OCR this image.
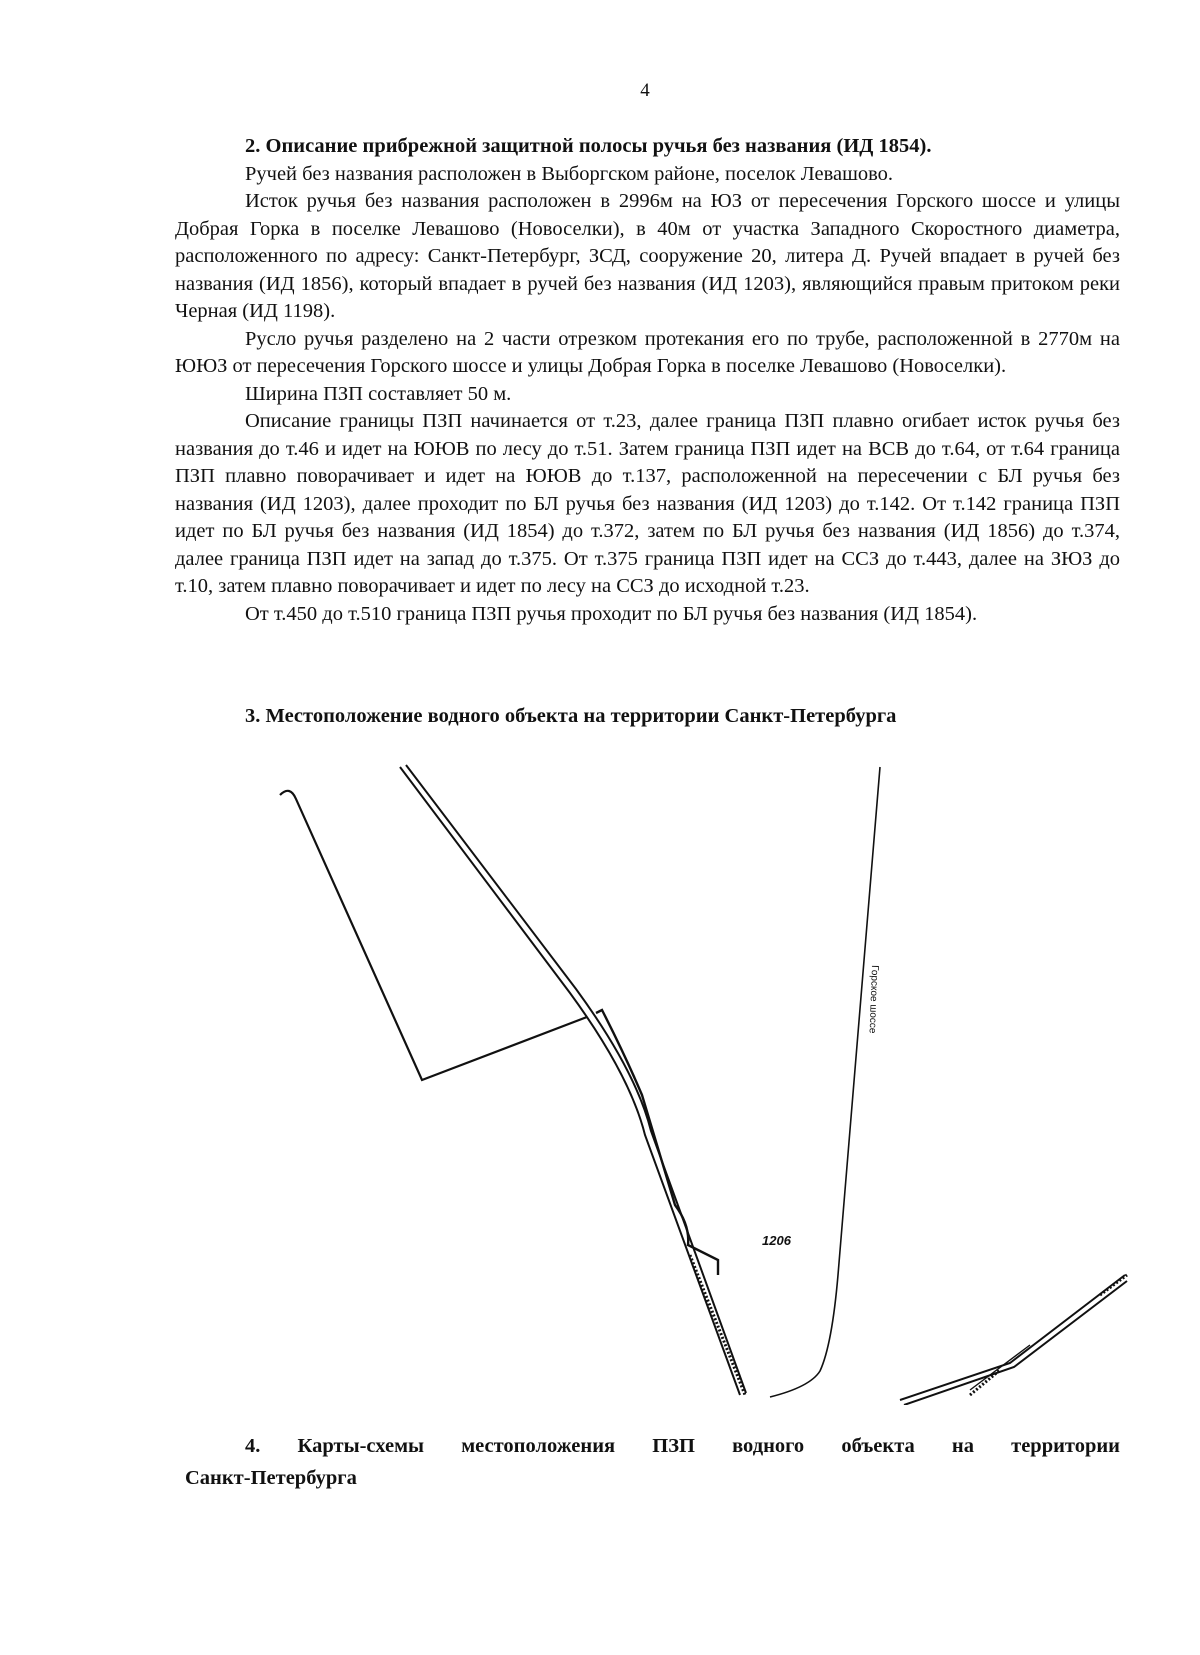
4

2. Описание прибрежной защитной полосы ручья без названия (ИД 1854).

Ручей без названия расположен в Выборгском районе, поселок Левашово.

Исток ручья без названия расположен в 2996м на ЮЗ от пересечения Горского шоссе и улицы Добрая Горка в поселке Левашово (Новоселки), в 40м от участка Западного Скоростного диаметра, расположенного по адресу: Санкт-Петербург, ЗСД, сооружение 20, литера Д. Ручей впадает в ручей без названия (ИД 1856), который впадает в ручей без названия (ИД 1203), являющийся правым притоком реки Черная (ИД 1198).

Русло ручья разделено на 2 части отрезком протекания его по трубе, расположенной в 2770м на ЮЮЗ от пересечения Горского шоссе и улицы Добрая Горка в поселке Левашово (Новоселки).

Ширина ПЗП составляет 50 м.

Описание границы ПЗП начинается от т.23, далее граница ПЗП плавно огибает исток ручья без названия до т.46 и идет на ЮЮВ по лесу до т.51. Затем граница ПЗП идет на ВСВ до т.64, от т.64 граница ПЗП плавно поворачивает и идет на ЮЮВ до т.137, расположенной на пересечении с БЛ ручья без названия (ИД 1203), далее проходит по БЛ ручья без названия (ИД 1203) до т.142. От т.142 граница ПЗП идет по БЛ ручья без названия (ИД 1854) до т.372, затем по БЛ ручья без названия (ИД 1856) до т.374, далее граница ПЗП идет на запад до т.375. От т.375 граница ПЗП идет на ССЗ до т.443, далее на ЗЮЗ до т.10, затем плавно поворачивает и идет по лесу на ССЗ до исходной т.23.

От т.450 до т.510 граница ПЗП ручья проходит по БЛ ручья без названия (ИД 1854).

3. Местоположение водного объекта на территории Санкт-Петербурга
Горское шоссе
1206
4. Карты-схемы местоположения ПЗП водного объекта на территории
Санкт-Петербурга
